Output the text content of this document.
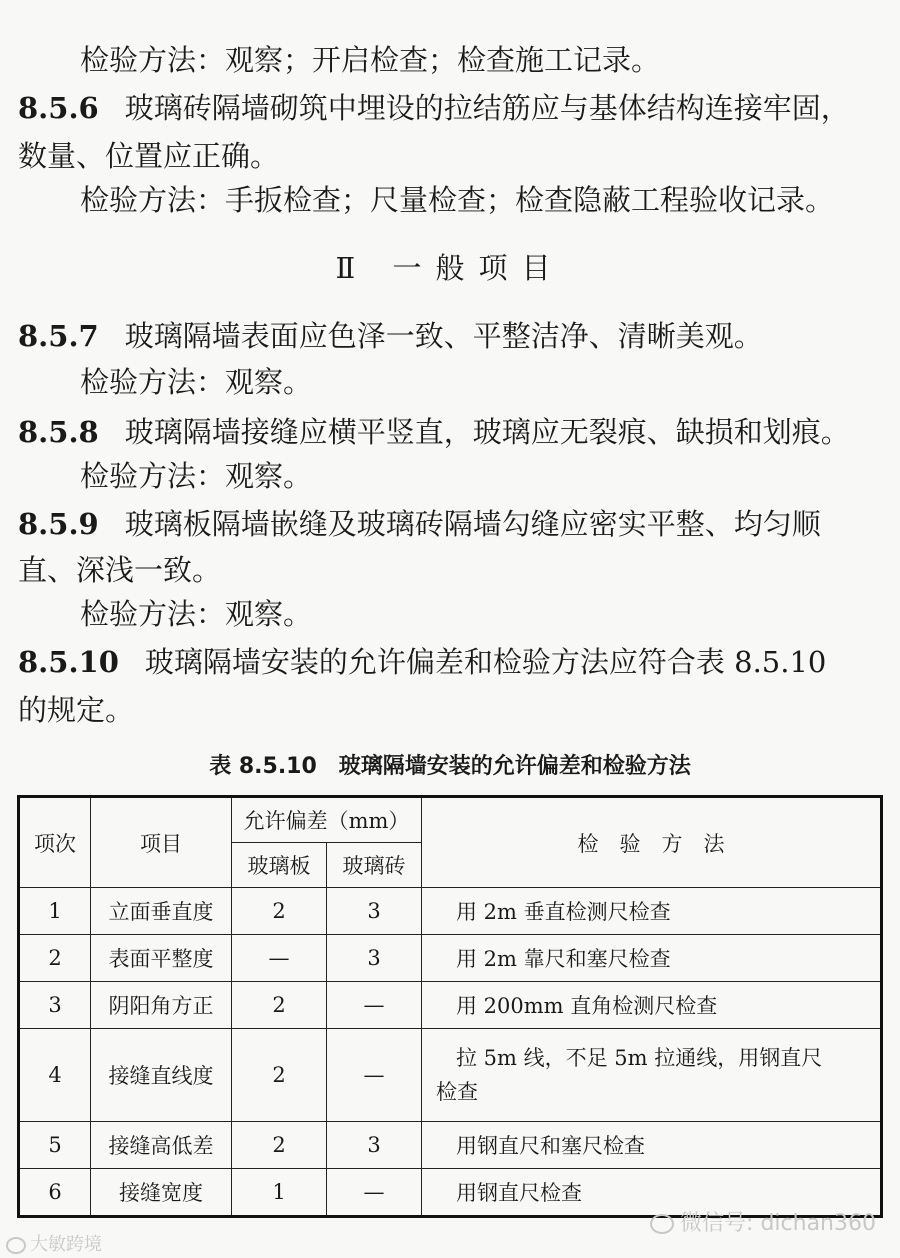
检验方法：观察；开启检查；检查施工记录。
8.5.6 玻璃砖隔墙砌筑中埋设的拉结筋应与基体结构连接牢固，
数量、位置应正确。
检验方法：手扳检查；尺量检查；检查隐蔽工程验收记录。
Ⅱ 一般项目
8.5.7 玻璃隔墙表面应色泽一致、平整洁净、清晰美观。
检验方法：观察。
8.5.8 玻璃隔墙接缝应横平竖直，玻璃应无裂痕、缺损和划痕。
检验方法：观察。
8.5.9 玻璃板隔墙嵌缝及玻璃砖隔墙勾缝应密实平整、均匀顺
直、深浅一致。
检验方法：观察。
8.5.10 玻璃隔墙安装的允许偏差和检验方法应符合表 8.5.10
的规定。
表 8.5.10　玻璃隔墙安装的允许偏差和检验方法
项次	项目	允许偏差（mm）		检　验　方　法
		玻璃板	玻璃砖	
1	立面垂直度	2	3	用 2m 垂直检测尺检查
2	表面平整度	—	3	用 2m 靠尺和塞尺检查
3	阴阳角方正	2	—	用 200mm 直角检测尺检查
4	接缝直线度	2	—	拉 5m 线，不足 5m 拉通线，用钢直尺
检查

5	接缝高低差	2	3	用钢直尺和塞尺检查
6	接缝宽度	1	—	用钢直尺检查
微信号: dichan360
大敏跨境
